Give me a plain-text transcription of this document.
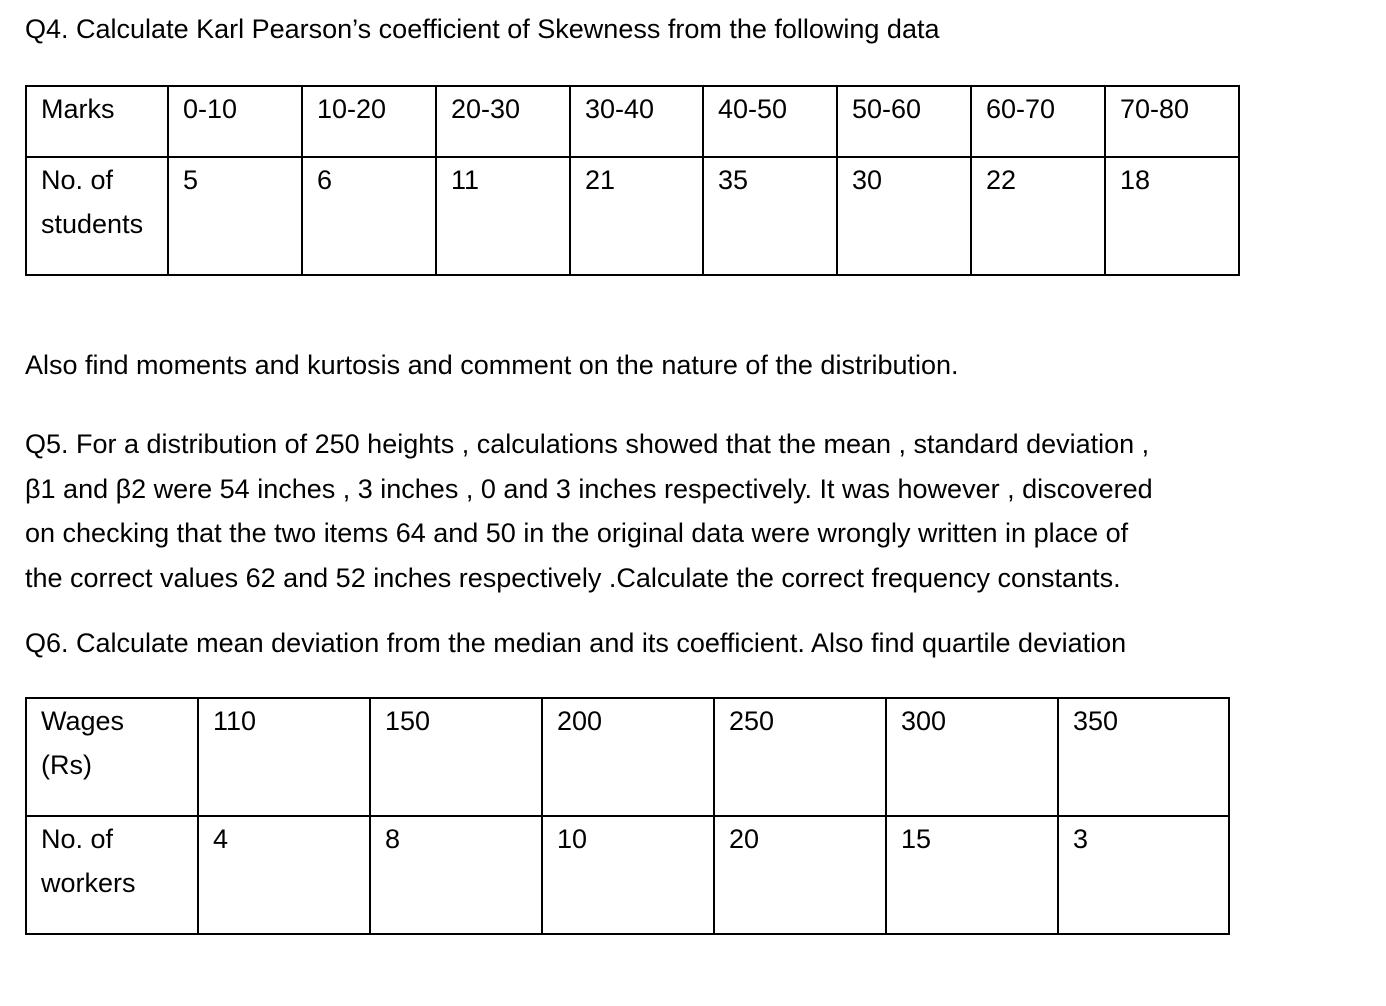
Q4. Calculate Karl Pearson’s coefficient of Skewness from the following data
Marks	0-10	10-20	20-30	30-40	40-50	50-60	60-70	70-80
No. of
students	5	6	11	21	35	30	22	18
Also find moments and kurtosis and comment on the nature of the distribution.
Q5. For a distribution of 250 heights , calculations showed that the mean , standard deviation ,
β1 and β2 were 54 inches , 3 inches , 0 and 3 inches respectively. It was however , discovered
on checking that the two items 64 and 50 in the original data were wrongly written in place of
the correct values 62 and 52 inches respectively .Calculate the correct frequency constants.
Q6. Calculate mean deviation from the median and its coefficient. Also find quartile deviation
Wages
(Rs)	110	150	200	250	300	350
No. of
workers	4	8	10	20	15	3
